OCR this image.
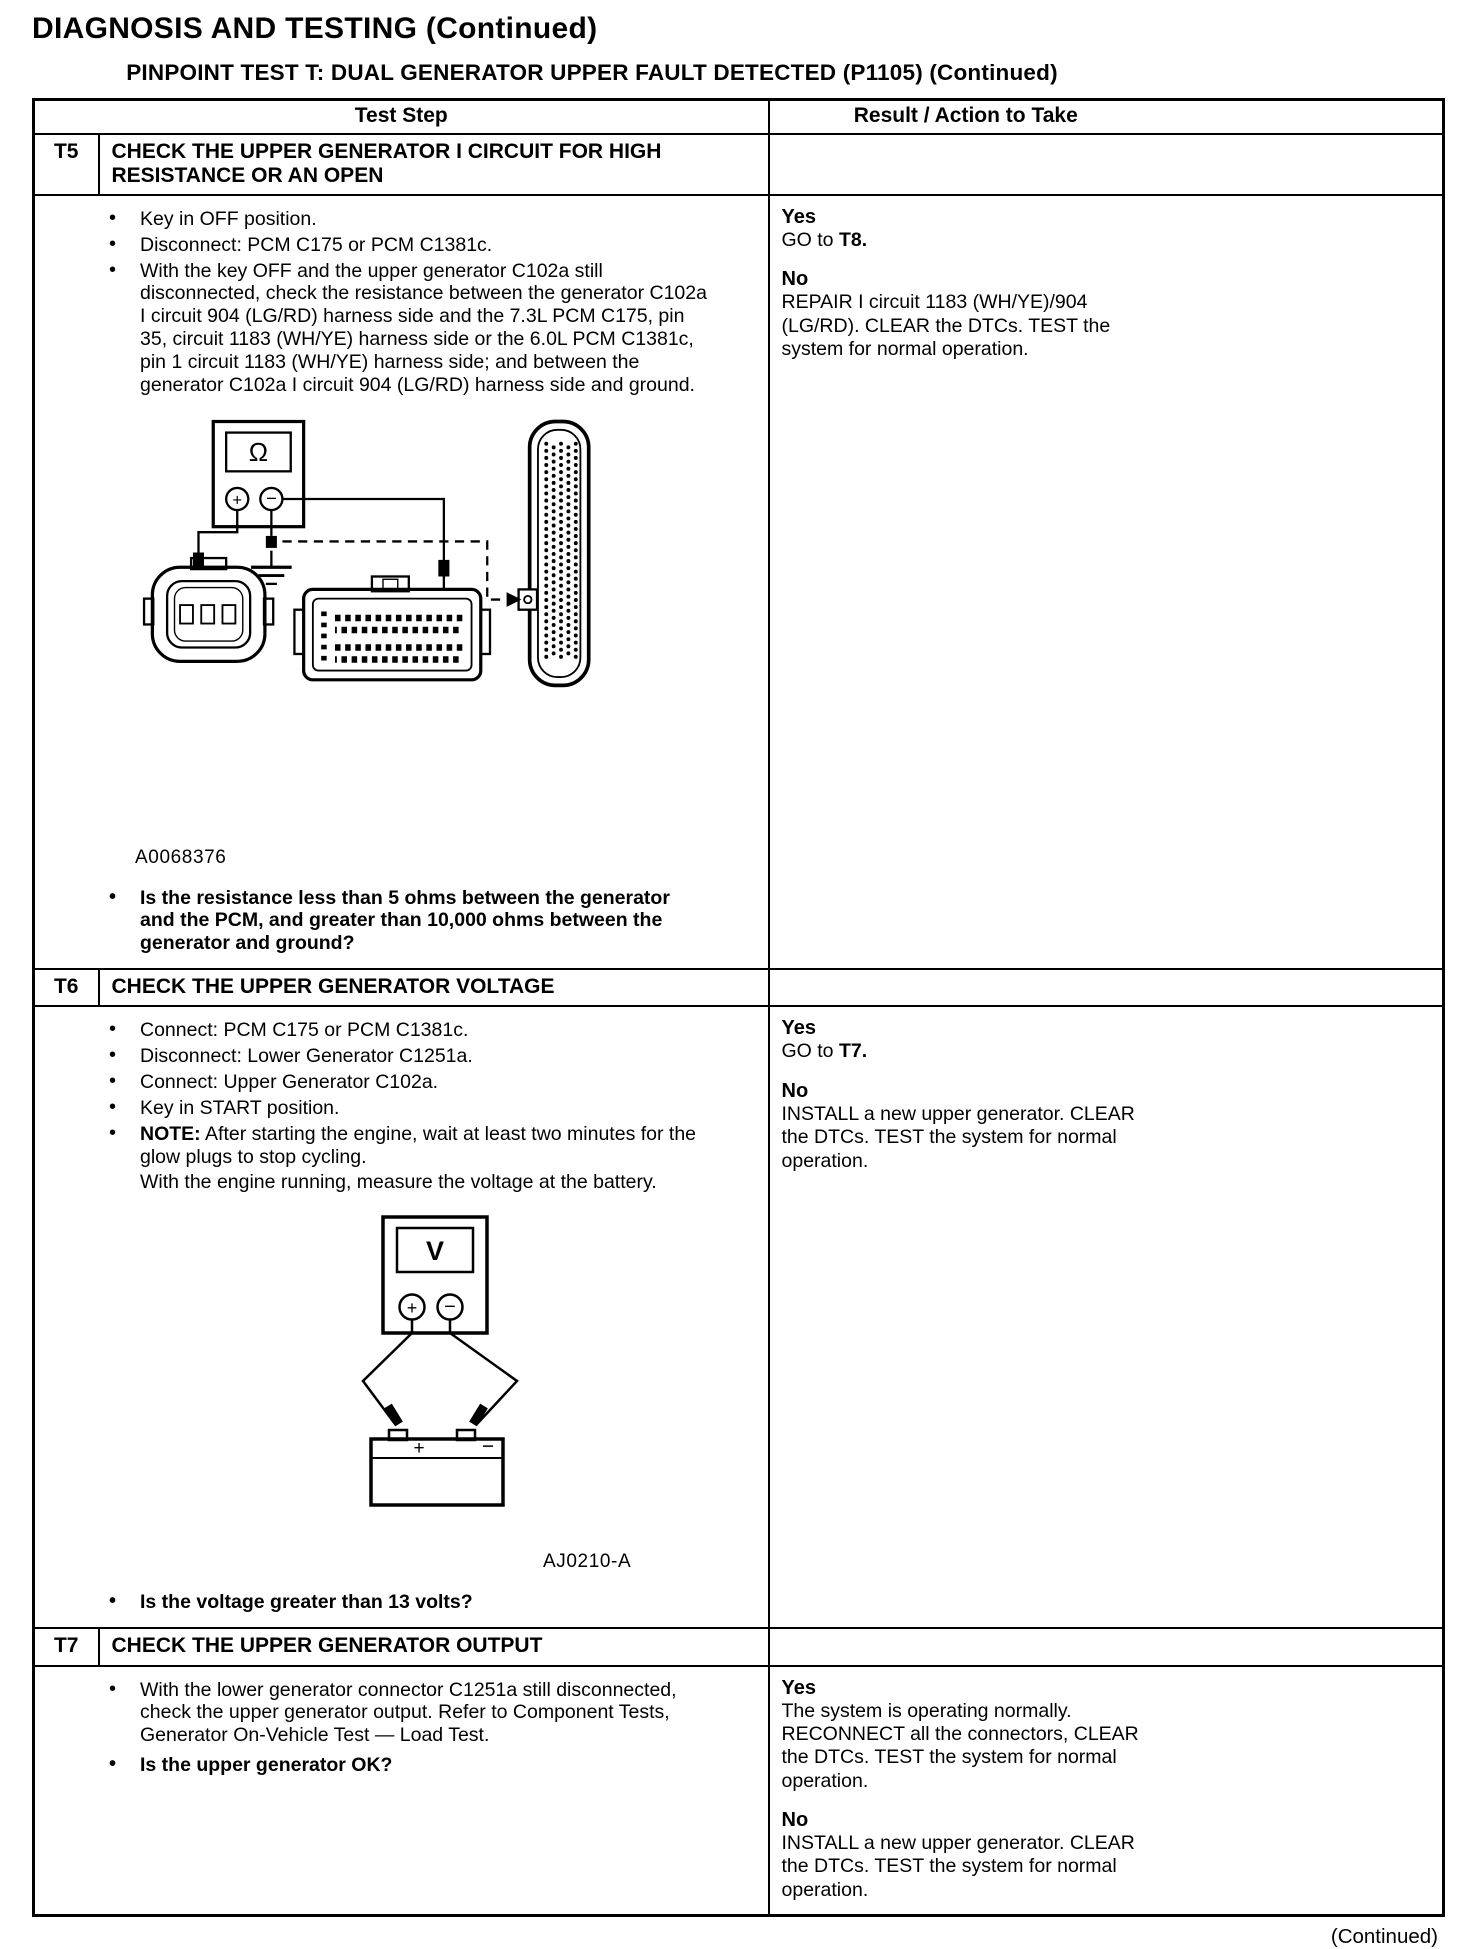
DIAGNOSIS AND TESTING (Continued)
PINPOINT TEST T: DUAL GENERATOR UPPER FAULT DETECTED (P1105) (Continued)
Test Step		Result / Action to Take
T5	CHECK THE UPPER GENERATOR I CIRCUIT FOR HIGH RESISTANCE OR AN OPEN	

• Key in OFF position.
• Disconnect: PCM C175 or PCM C1381c.
• With the key OFF and the upper generator C102a still disconnected, check the resistance between the generator C102a I circuit 904 (LG/RD) harness side and the 7.3L PCM C175, pin 35, circuit 1183 (WH/YE) harness side or the 6.0L PCM C1381c, pin 1 circuit 1183 (WH/YE) harness side; and between the generator C102a I circuit 904 (LG/RD) harness side and ground.
Ω
+ −
A0068376
• Is the resistance less than 5 ohms between the generator and the PCM, and greater than 10,000 ohms between the generator and ground?

Yes
GO to T8.
No
REPAIR I circuit 1183 (WH/YE)/904 (LG/RD). CLEAR the DTCs. TEST the system for normal operation.

T6	CHECK THE UPPER GENERATOR VOLTAGE	

• Connect: PCM C175 or PCM C1381c.
• Disconnect: Lower Generator C1251a.
• Connect: Upper Generator C102a.
• Key in START position.
• NOTE: After starting the engine, wait at least two minutes for the glow plugs to stop cycling.
With the engine running, measure the voltage at the battery.
V
+ −
+	−
AJ0210-A
• Is the voltage greater than 13 volts?

Yes
GO to T7.
No
INSTALL a new upper generator. CLEAR the DTCs. TEST the system for normal operation.

T7	CHECK THE UPPER GENERATOR OUTPUT	

• With the lower generator connector C1251a still disconnected, check the upper generator output. Refer to Component Tests, Generator On-Vehicle Test — Load Test.
• Is the upper generator OK?

Yes
The system is operating normally. RECONNECT all the connectors, CLEAR the DTCs. TEST the system for normal operation.
No
INSTALL a new upper generator. CLEAR the DTCs. TEST the system for normal operation.
(Continued)
